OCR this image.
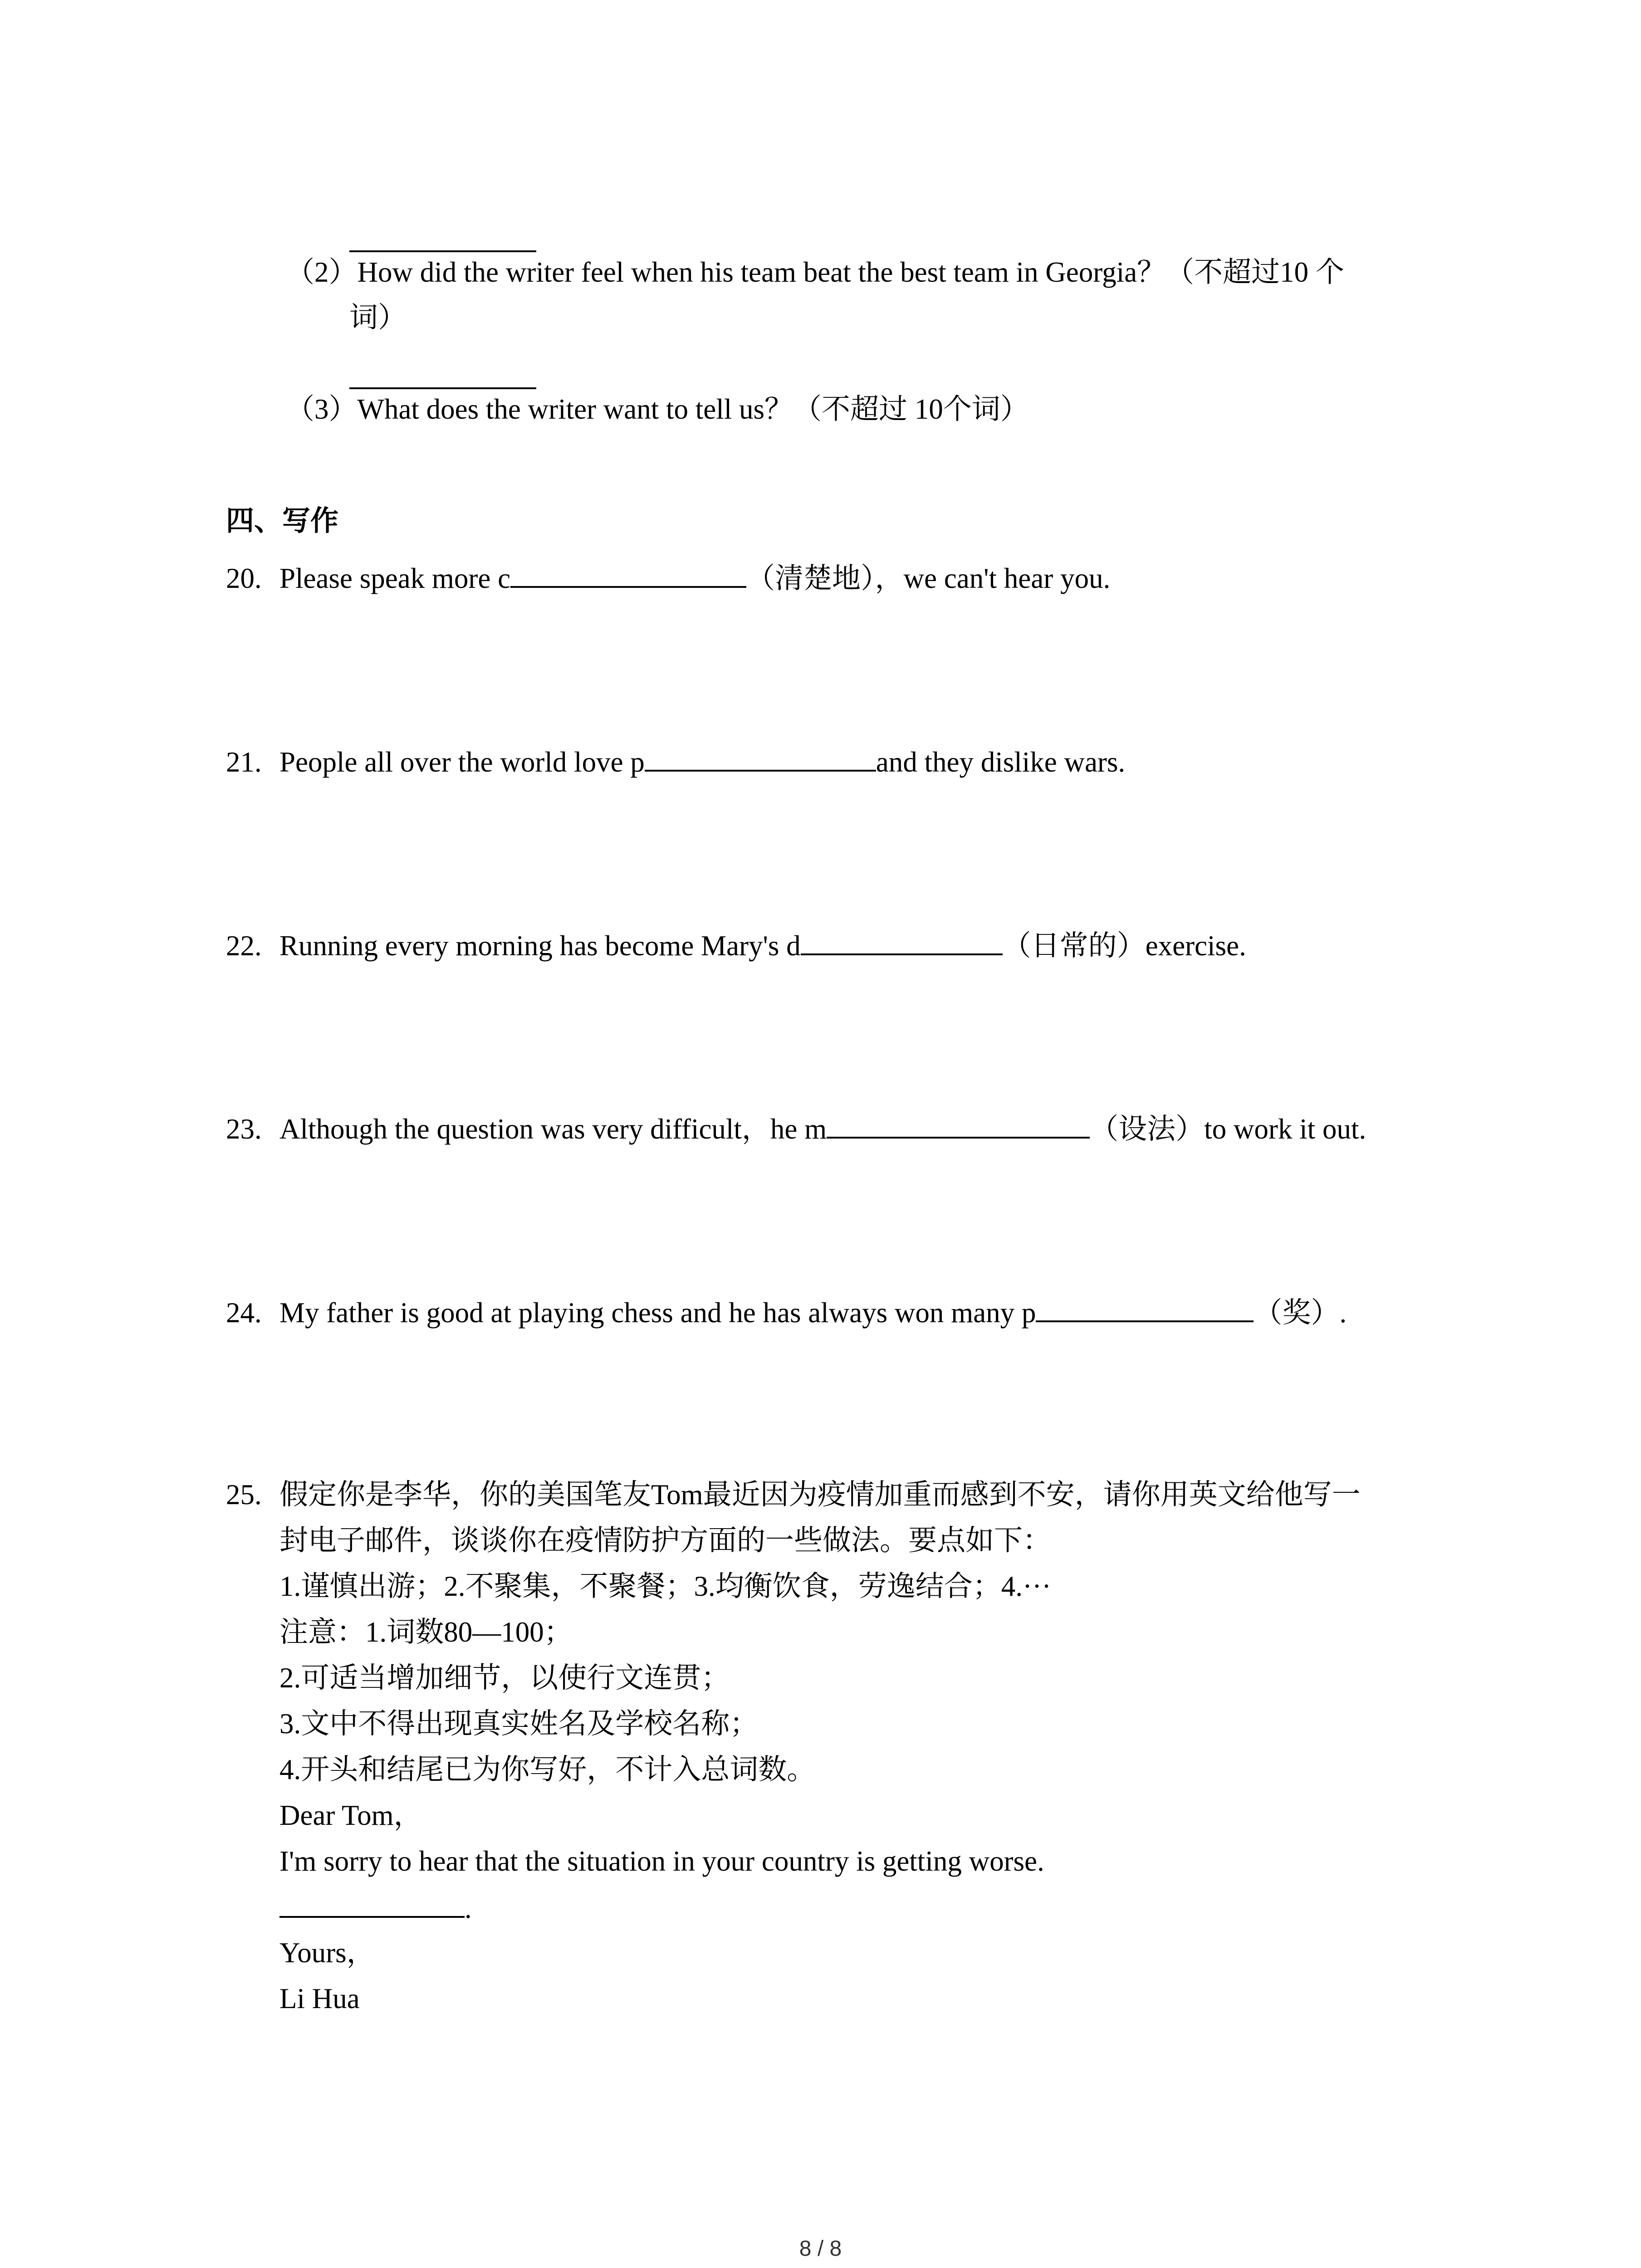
（2）How did the writer feel when his team beat the best team in Georgia？（不超过10 个
词）
（3）What does the writer want to tell us？（不超过 10个词）
四、写作
20. Please speak more c	（清楚地），we can't hear you.
21. People all over the world love p	and they dislike wars.
22. Running every morning has become Mary's d	（日常的）exercise.
23. Although the question was very difficult，he m	（设法）to work it out.
24. My father is good at playing chess and he has always won many p	（奖）.
25. 假定你是李华，你的美国笔友Tom最近因为疫情加重而感到不安，请你用英文给他写一
封电子邮件，谈谈你在疫情防护方面的一些做法。要点如下：
1.谨慎出游；2.不聚集，不聚餐；3.均衡饮食，劳逸结合；4.···
注意：1.词数80—100；
2.可适当增加细节，以使行文连贯；
3.文中不得出现真实姓名及学校名称；
4.开头和结尾已为你写好，不计入总词数。
Dear Tom，
I'm sorry to hear that the situation in your country is getting worse.
.
Yours，
Li Hua
8 / 8
